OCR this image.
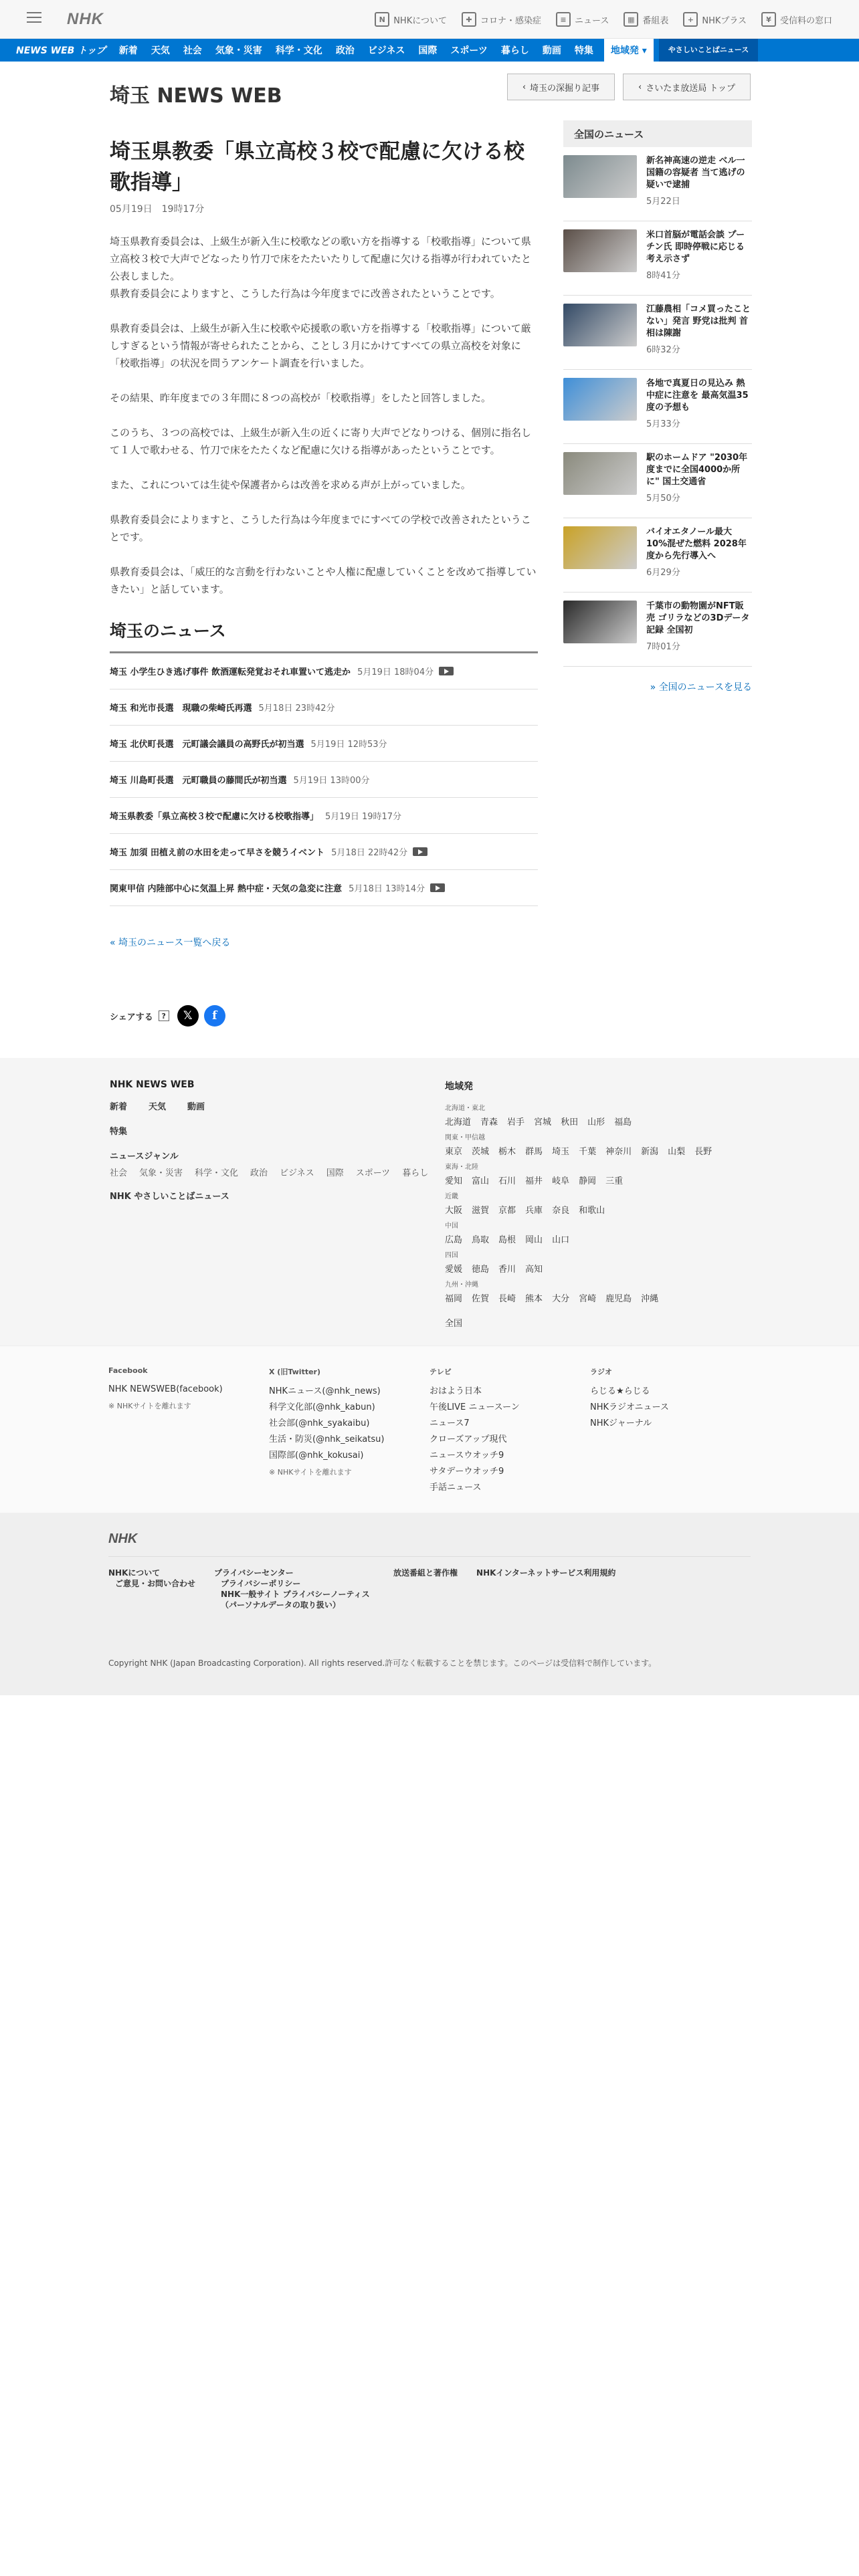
NHK	N NHKについて	✚ コロナ・感染症	≡ ニュース	▦ 番組表	+ NHKプラス	¥	受信料の窓口
NEWS WEB トップ	新着	天気	社会	気象・災害	科学・文化	政治	ビジネス	国際	スポーツ	暮らし	動画	特集	地域発 ▾	やさしいことば ニュース
埼玉 NEWS WEB	‹ 埼玉の深掘り記事	‹ さいたま放送局 トップ
埼玉県教委「県立高校３校で配慮に欠ける校歌指導」
05月19日　19時17分

埼玉県教育委員会は、上級生が新入生に校歌などの歌い方を指導する「校歌指導」について県立高校３校で大声でどなったり竹刀で床をたたいたりして配慮に欠ける指導が行われていたと公表しました。
県教育委員会によりますと、こうした行為は今年度までに改善されたということです。

県教育委員会は、上級生が新入生に校歌や応援歌の歌い方を指導する「校歌指導」について厳しすぎるという情報が寄せられたことから、ことし３月にかけてすべての県立高校を対象に「校歌指導」の状況を問うアンケート調査を行いました。

その結果、昨年度までの３年間に８つの高校が「校歌指導」をしたと回答しました。

このうち、３つの高校では、上級生が新入生の近くに寄り大声でどなりつける、個別に指名して１人で歌わせる、竹刀で床をたたくなど配慮に欠ける指導があったということです。

また、これについては生徒や保護者からは改善を求める声が上がっていました。

県教育委員会によりますと、こうした行為は今年度までにすべての学校で改善されたということです。

県教育委員会は、「威圧的な言動を行わないことや人権に配慮していくことを改めて指導していきたい」と話しています。

埼玉のニュース
埼玉 小学生ひき逃げ事件 飲酒運転発覚おそれ車置いて逃走か 5月19日 18時04分
埼玉 和光市長選　現職の柴崎氏再選 5月18日 23時42分
埼玉 北伏町長選　元町議会議員の高野氏が初当選 5月19日 12時53分
埼玉 川島町長選　元町職員の藤間氏が初当選 5月19日 13時00分
埼玉県教委「県立高校３校で配慮に欠ける校歌指導」 5月19日 19時17分
埼玉 加須 田植え前の水田を走って早さを競うイベント 5月18日 22時42分
関東甲信 内陸部中心に気温上昇 熱中症・天気の急変に注意 5月18日 13時14分
« 埼玉のニュース一覧へ戻る
シェアする	?	𝕏	f
全国のニュース
新名神高速の逆走 ベル一国籍の容疑者 当て逃げの疑いで逮捕
5月22日
米口首脳が電話会談 プーチン氏 即時停戦に応じる考え示さず
8時41分
江藤農相「コメ買ったことない」発言 野党は批判 首相は陳謝
6時32分
各地で真夏日の見込み 熱中症に注意を 最高気温35度の予想も
5月33分
駅のホームドア "2030年度までに全国4000か所に" 国土交通省
5月50分
バイオエタノール最大10%混ぜた燃料 2028年度から先行導入へ
6月29分
千葉市の動物園がNFT販売 ゴリラなどの3Dデータ記録 全国初
7時01分
» 全国のニュースを見る
NHK NEWS WEB
新着 天気 動画
特集
ニュースジャンル
社会 気象・災害 科学・文化 政治 ビジネス 国際 スポーツ 暮らし
NHK やさしいことばニュース
地域発
北海道・東北
北海道 青森 岩手 宮城 秋田 山形 福島
関東・甲信越
東京 茨城 栃木 群馬 埼玉 千葉 神奈川 新潟 山梨 長野
東海・北陸
愛知 富山 石川 福井 岐阜 静岡 三重
近畿
大阪 滋賀 京都 兵庫 奈良 和歌山
中国
広島 鳥取 島根 岡山 山口
四国
愛媛 徳島 香川 高知
九州・沖縄
福岡 佐賀 長崎 熊本 大分 宮崎 鹿児島 沖縄
全国
Facebook
NHK NEWSWEB(facebook)
※ NHKサイトを離れます
X (旧Twitter)
NHKニュース(@nhk_news)
科学文化部(@nhk_kabun)
社会部(@nhk_syakaibu)
生活・防災(@nhk_seikatsu)
国際部(@nhk_kokusai)
※ NHKサイトを離れます
テレビ
おはよう日本
午後LIVE ニュースーン
ニュース7
クローズアップ現代
ニュースウオッチ9
サタデーウオッチ9
手話ニュース
ラジオ
らじる★らじる
NHKラジオニュース
NHKジャーナル
NHK
NHKについて
ご意見・お問い合わせ
プライバシーセンター
プライバシーポリシー
NHK一般サイト プライバシーノーティス（パーソナルデータの取り扱い）
放送番組と著作権 NHKインターネットサービス利用規約
Copyright NHK (Japan Broadcasting Corporation). All rights reserved.許可なく転載することを禁じます。このページは受信料で制作しています。
